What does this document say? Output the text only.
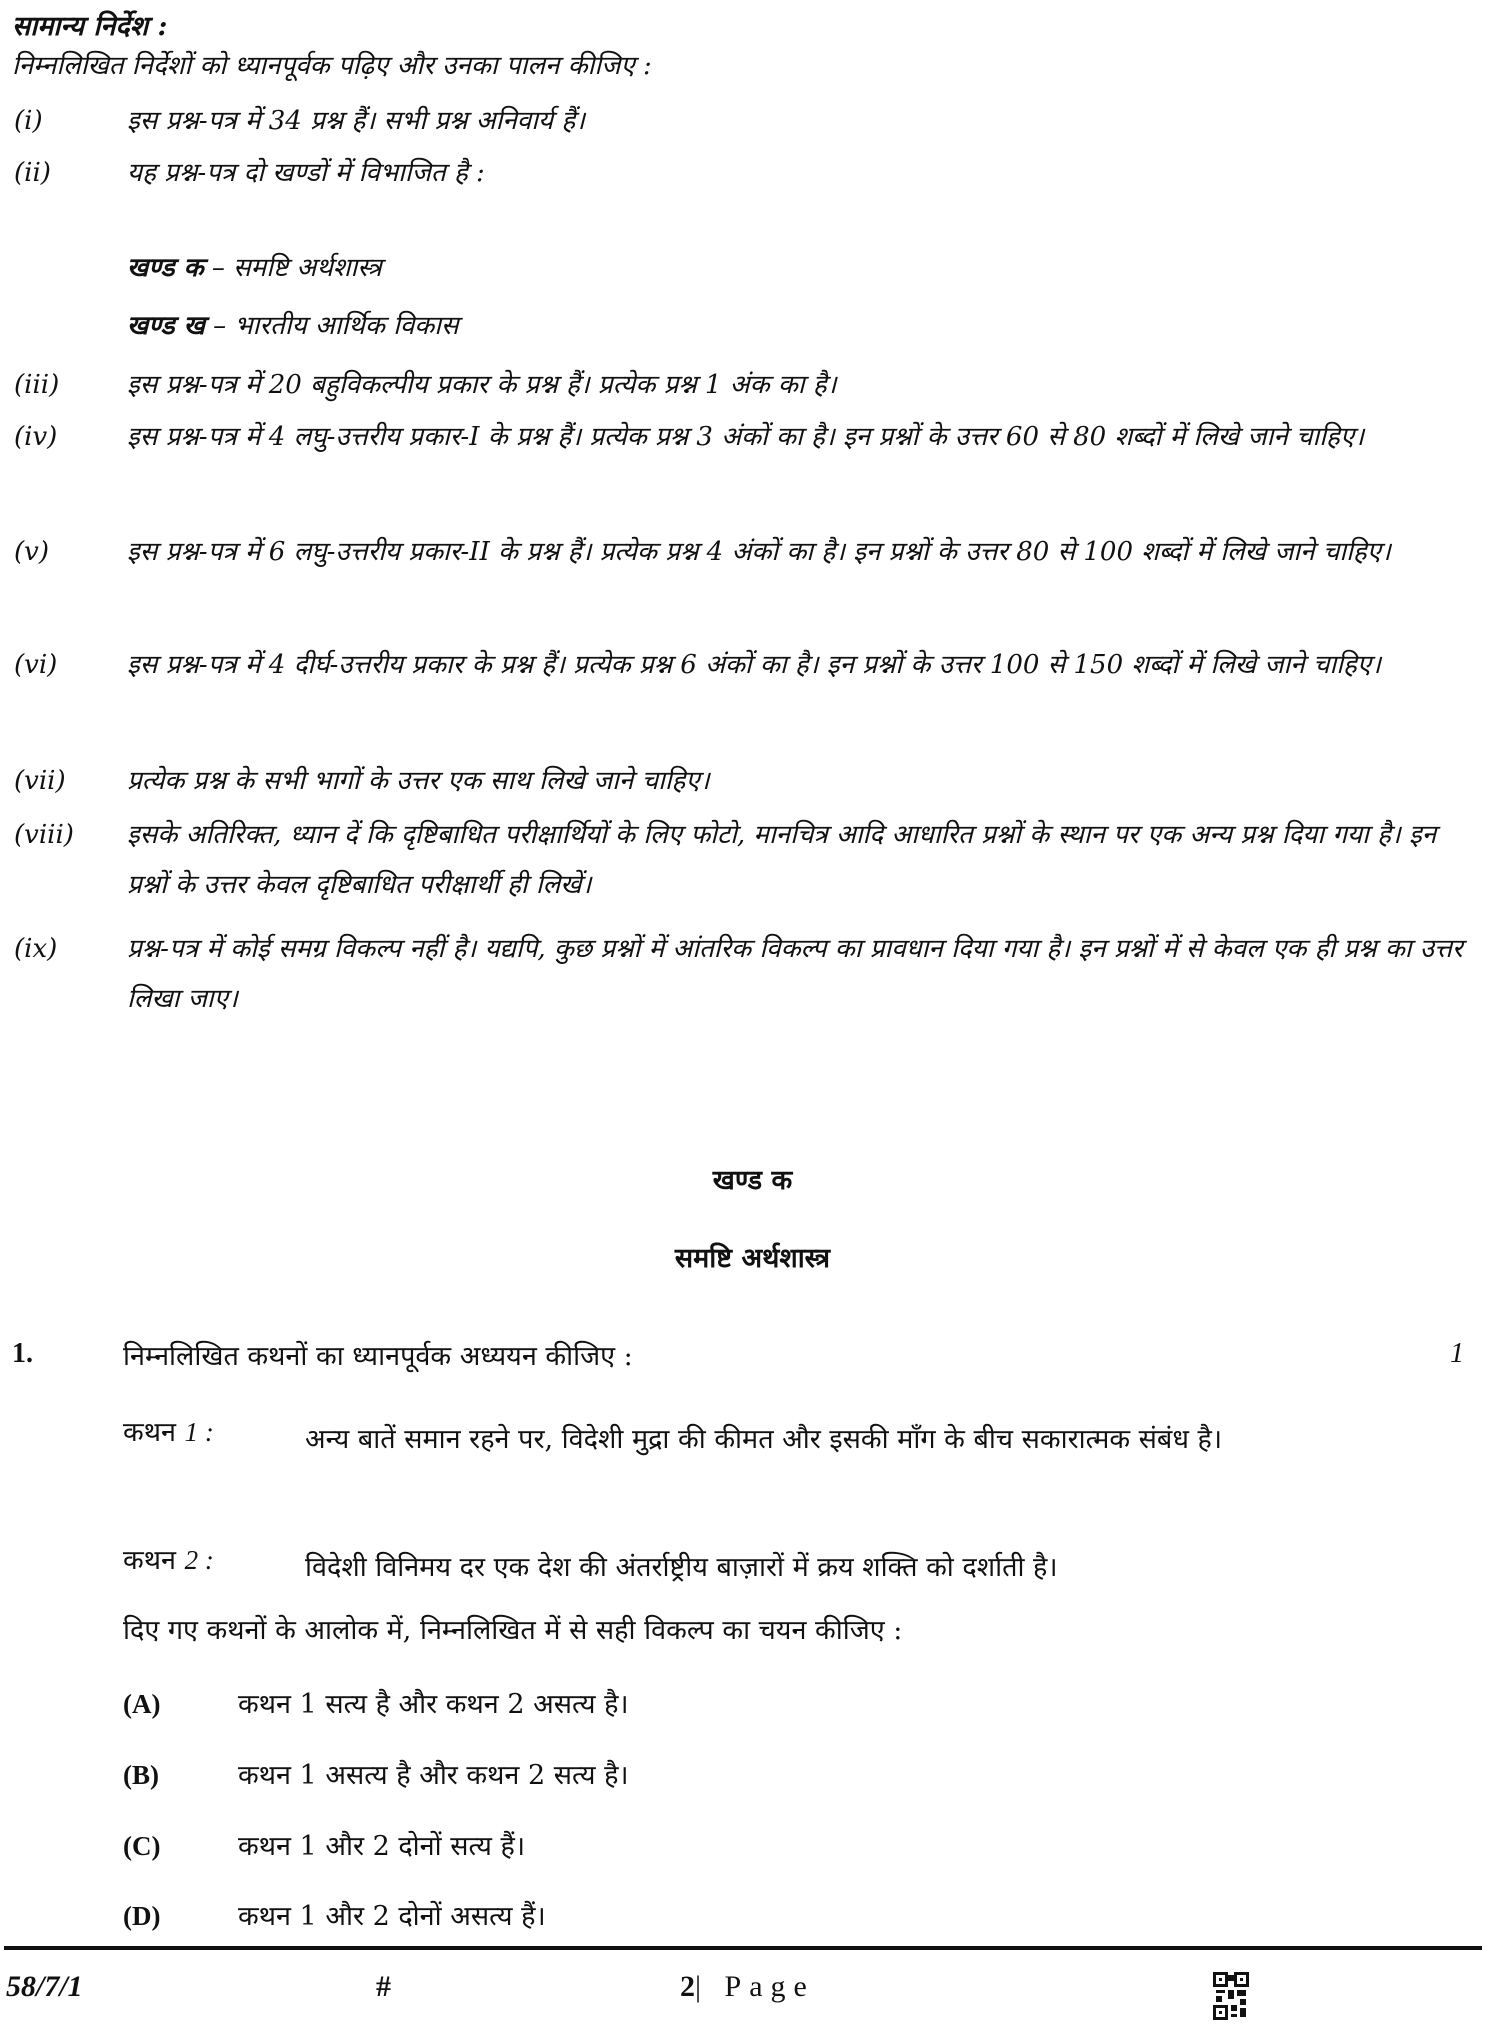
सामान्य निर्देश :
निम्नलिखित निर्देशों को ध्यानपूर्वक पढ़िए और उनका पालन कीजिए :
(i)	इस प्रश्न-पत्र में 34 प्रश्न हैं। सभी प्रश्न अनिवार्य हैं।
(ii)	यह प्रश्न-पत्र दो खण्डों में विभाजित है :
खण्ड क – समष्टि अर्थशास्त्र
खण्ड ख – भारतीय आर्थिक विकास
(iii)	इस प्रश्न-पत्र में 20 बहुविकल्पीय प्रकार के प्रश्न हैं। प्रत्येक प्रश्न 1 अंक का है।
(iv)	इस प्रश्न-पत्र में 4 लघु-उत्तरीय प्रकार-I के प्रश्न हैं। प्रत्येक प्रश्न 3 अंकों का है। इन प्रश्नों के उत्तर 60 से 80 शब्दों में लिखे जाने चाहिए।
(v)	इस प्रश्न-पत्र में 6 लघु-उत्तरीय प्रकार-II के प्रश्न हैं। प्रत्येक प्रश्न 4 अंकों का है। इन प्रश्नों के उत्तर 80 से 100 शब्दों में लिखे जाने चाहिए।
(vi)	इस प्रश्न-पत्र में 4 दीर्घ-उत्तरीय प्रकार के प्रश्न हैं। प्रत्येक प्रश्न 6 अंकों का है। इन प्रश्नों के उत्तर 100 से 150 शब्दों में लिखे जाने चाहिए।
(vii)	प्रत्येक प्रश्न के सभी भागों के उत्तर एक साथ लिखे जाने चाहिए।
(viii)	इसके अतिरिक्त, ध्यान दें कि दृष्टिबाधित परीक्षार्थियों के लिए फोटो, मानचित्र आदि आधारित प्रश्नों के स्थान पर एक अन्य प्रश्न दिया गया है। इन प्रश्नों के उत्तर केवल दृष्टिबाधित परीक्षार्थी ही लिखें।
(ix)	प्रश्न-पत्र में कोई समग्र विकल्प नहीं है। यद्यपि, कुछ प्रश्नों में आंतरिक विकल्प का प्रावधान दिया गया है। इन प्रश्नों में से केवल एक ही प्रश्न का उत्तर लिखा जाए।
खण्ड क
समष्टि अर्थशास्त्र
1.	निम्नलिखित कथनों का ध्यानपूर्वक अध्ययन कीजिए :	1
कथन 1 :	अन्य बातें समान रहने पर, विदेशी मुद्रा की कीमत और इसकी माँग के बीच सकारात्मक संबंध है।
कथन 2 :	विदेशी विनिमय दर एक देश की अंतर्राष्ट्रीय बाज़ारों में क्रय शक्ति को दर्शाती है।
दिए गए कथनों के आलोक में, निम्नलिखित में से सही विकल्प का चयन कीजिए :
(A)	कथन 1 सत्य है और कथन 2 असत्य है।
(B)	कथन 1 असत्य है और कथन 2 सत्य है।
(C)	कथन 1 और 2 दोनों सत्य हैं।
(D)	कथन 1 और 2 दोनों असत्य हैं।
58/7/1	#	2| Page
